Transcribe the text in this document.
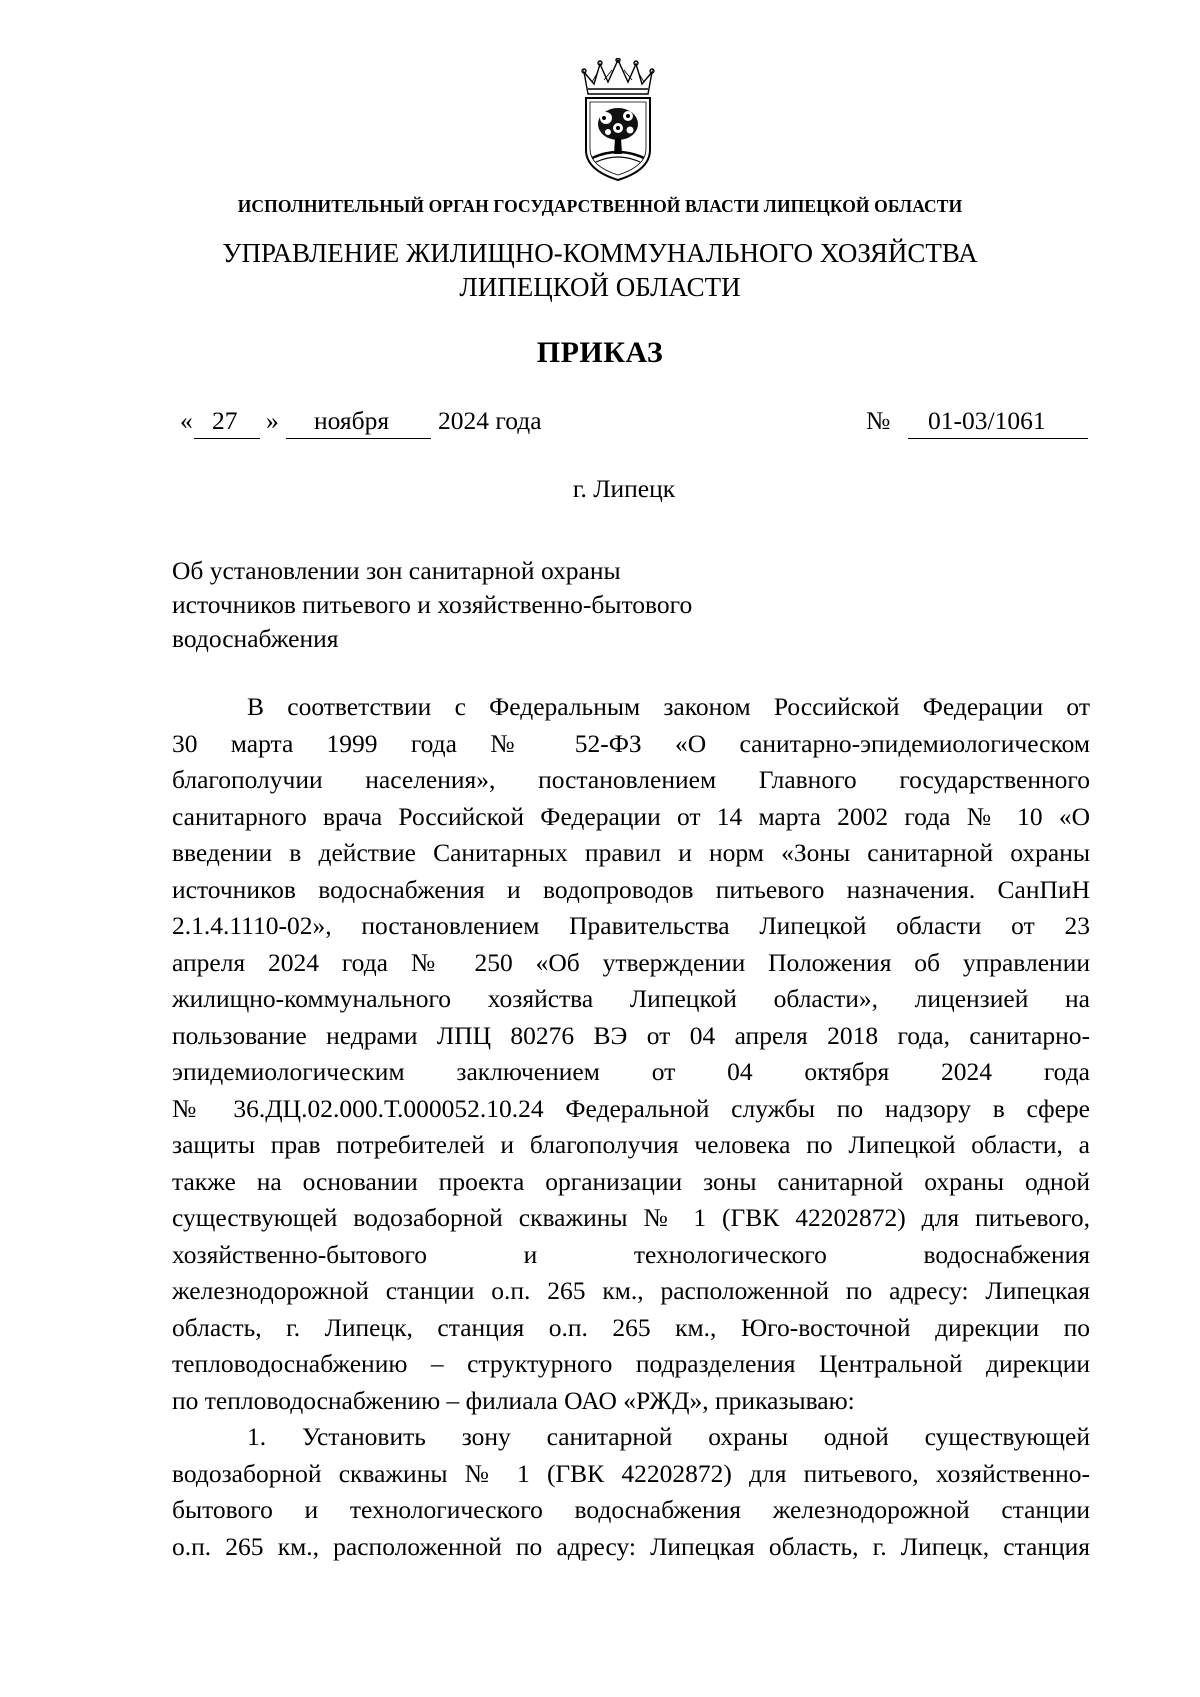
ИСПОЛНИТЕЛЬНЫЙ ОРГАН ГОСУДАРСТВЕННОЙ ВЛАСТИ ЛИПЕЦКОЙ ОБЛАСТИ
УПРАВЛЕНИЕ ЖИЛИЩНО-КОММУНАЛЬНОГО ХОЗЯЙСТВА
ЛИПЕЦКОЙ ОБЛАСТИ
ПРИКАЗ
« 27 » ноября 2024 года	№ 01-03/1061
г. Липецк
Об установлении зон санитарной охраны
источников питьевого и хозяйственно-бытового
водоснабжения
В соответствии с Федеральным законом Российской Федерации от
30 марта 1999 года № 52-ФЗ «О санитарно-эпидемиологическом
благополучии населения», постановлением Главного государственного
санитарного врача Российской Федерации от 14 марта 2002 года № 10 «О
введении в действие Санитарных правил и норм «Зоны санитарной охраны
источников водоснабжения и водопроводов питьевого назначения. СанПиН
2.1.4.1110-02», постановлением Правительства Липецкой области от 23
апреля 2024 года № 250 «Об утверждении Положения об управлении
жилищно-коммунального хозяйства Липецкой области», лицензией на
пользование недрами ЛПЦ 80276 ВЭ от 04 апреля 2018 года, санитарно-
эпидемиологическим заключением от 04 октября 2024 года
№ 36.ДЦ.02.000.Т.000052.10.24 Федеральной службы по надзору в сфере
защиты прав потребителей и благополучия человека по Липецкой области, а
также на основании проекта организации зоны санитарной охраны одной
существующей водозаборной скважины № 1 (ГВК 42202872) для питьевого,
хозяйственно-бытового и технологического водоснабжения
железнодорожной станции о.п. 265 км., расположенной по адресу: Липецкая
область, г. Липецк, станция о.п. 265 км., Юго-восточной дирекции по
тепловодоснабжению – структурного подразделения Центральной дирекции
по тепловодоснабжению – филиала ОАО «РЖД», приказываю:
1. Установить зону санитарной охраны одной существующей
водозаборной скважины № 1 (ГВК 42202872) для питьевого, хозяйственно-
бытового и технологического водоснабжения железнодорожной станции
о.п. 265 км., расположенной по адресу: Липецкая область, г. Липецк, станция
